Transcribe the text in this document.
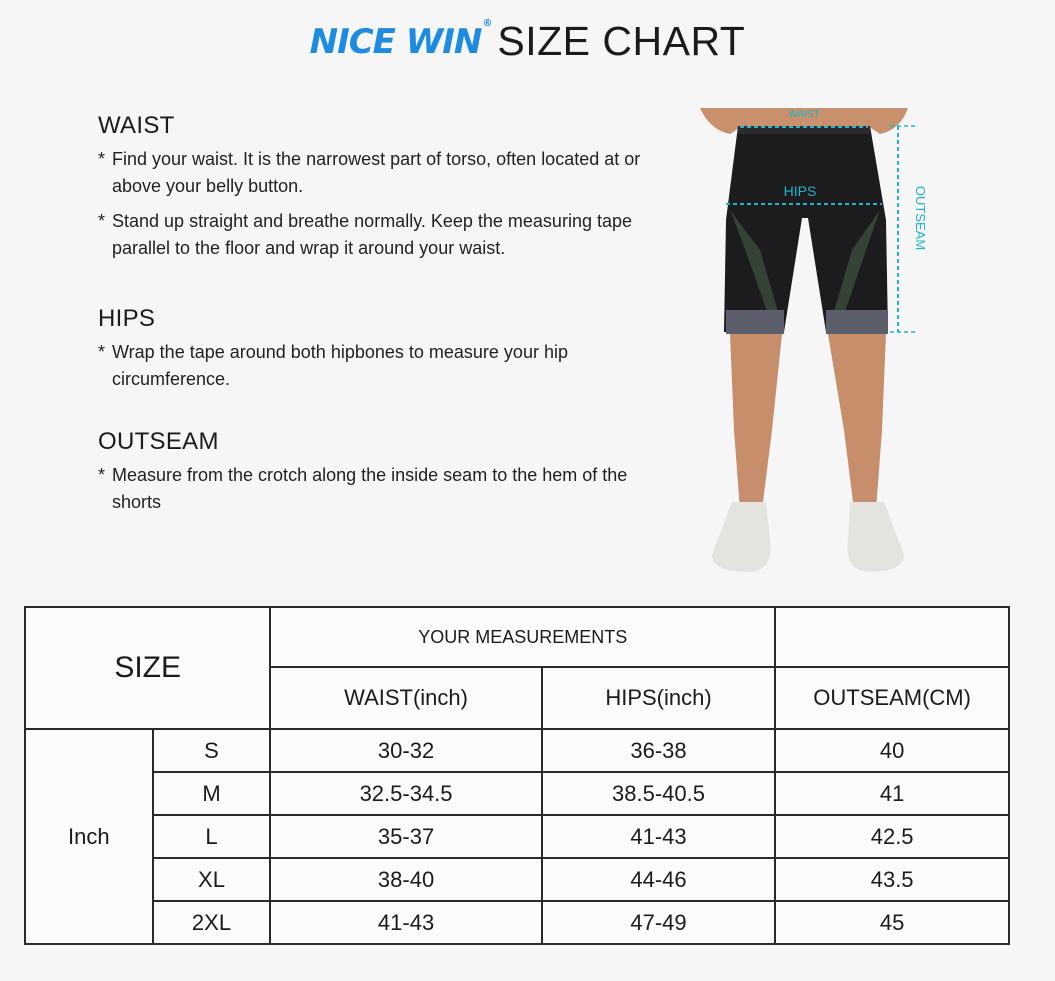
NICE WIN ® SIZE CHART
WAIST

* Find your waist. It is the narrowest part of torso, often located at or above your belly button.

* Stand up straight and breathe normally. Keep the measuring tape parallel to the floor and wrap it around your waist.

HIPS

* Wrap the tape around both hipbones to measure your hip circumference.

OUTSEAM

* Measure from the crotch along the inside seam to the hem of the shorts

WAIST
HIPS	OUTSEAM
SIZE		YOUR MEASUREMENTS		
		WAIST(inch)	HIPS(inch)	OUTSEAM(CM)
Inch	S	30-32	36-38	40
	M	32.5-34.5	38.5-40.5	41
	L	35-37	41-43	42.5
	XL	38-40	44-46	43.5
	2XL	41-43	47-49	45
